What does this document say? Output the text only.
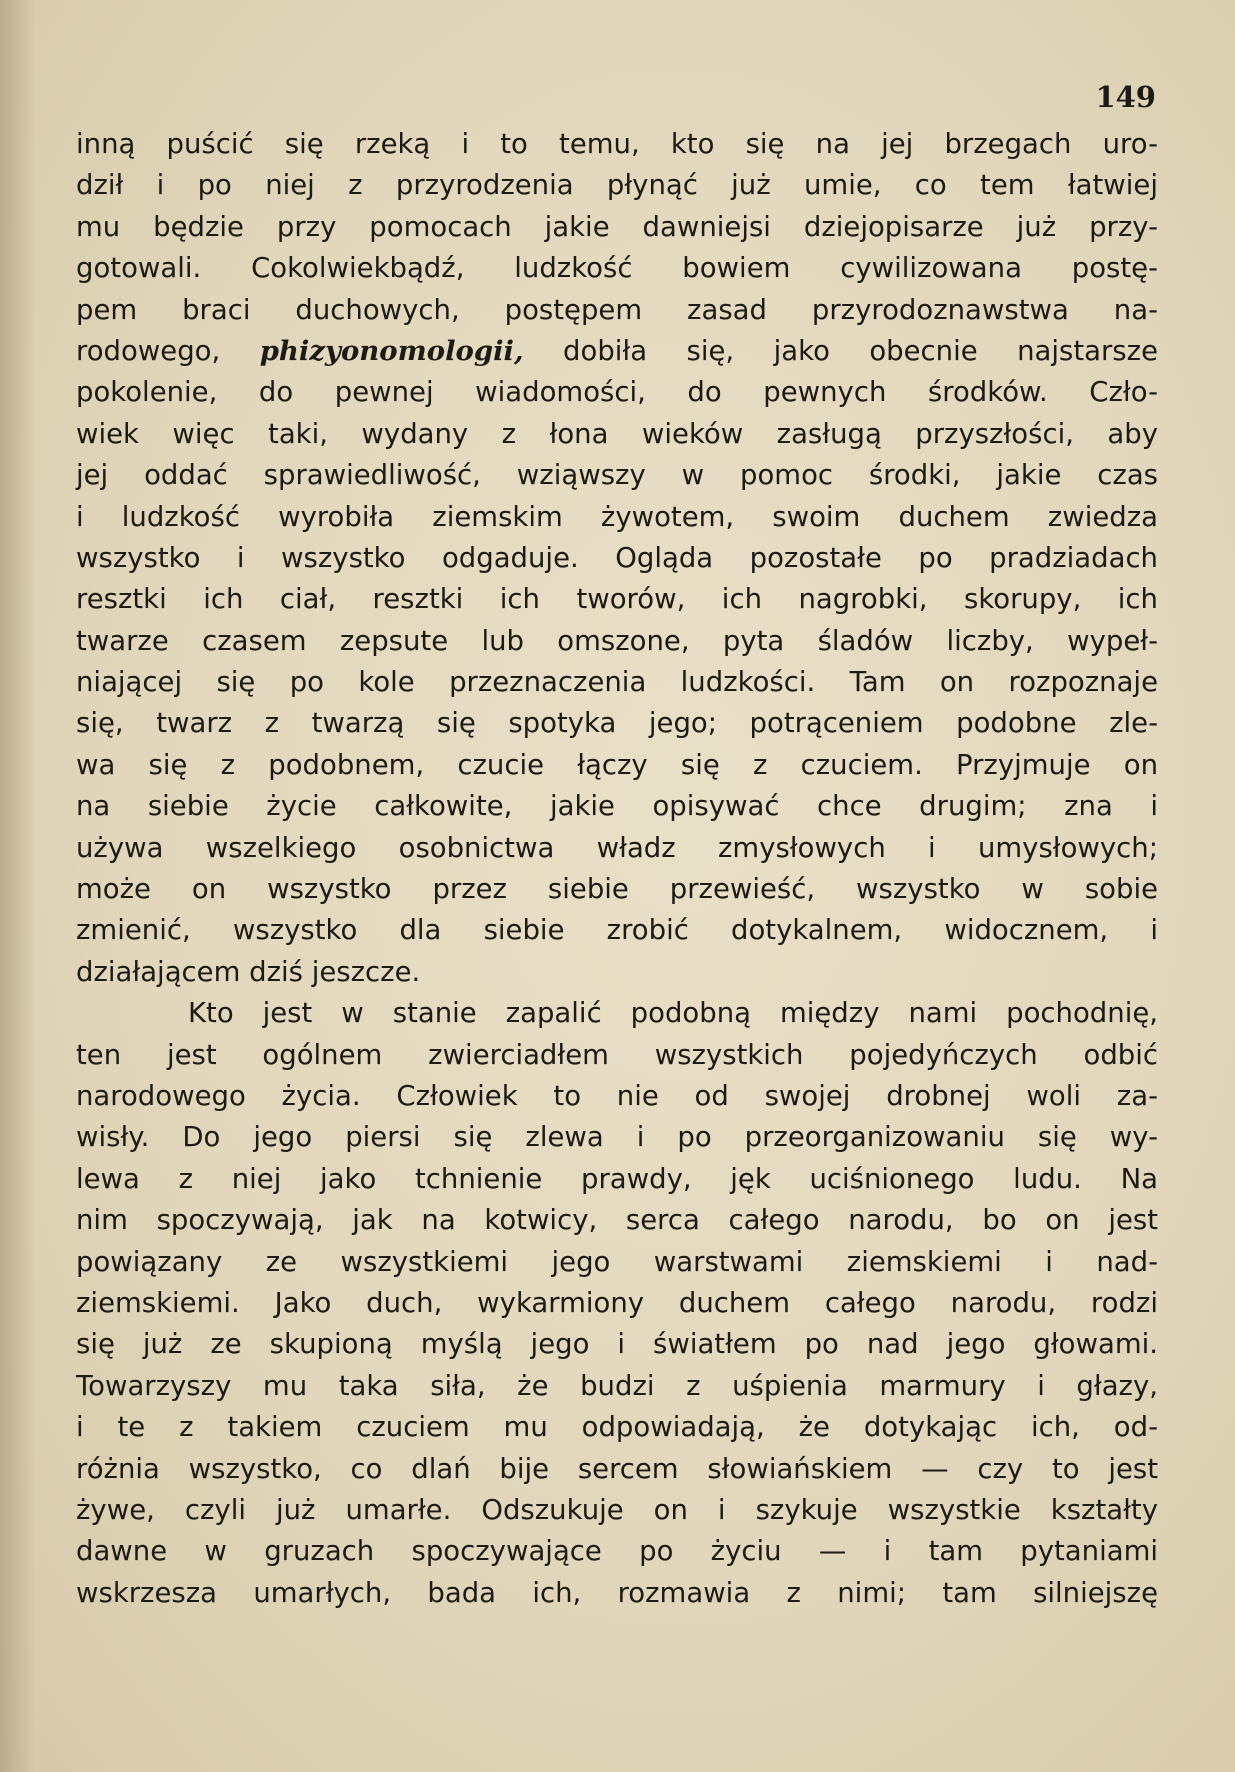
149
inną puścić się rzeką i to temu, kto się na jej brzegach uro-
dził i po niej z przyrodzenia płynąć już umie, co tem łatwiej
mu będzie przy pomocach jakie dawniejsi dziejopisarze już przy-
gotowali. Cokolwiekbądź, ludzkość bowiem cywilizowana postę-
pem braci duchowych, postępem zasad przyrodoznawstwa na-
rodowego, phizyonomologii, dobiła się, jako obecnie najstarsze
pokolenie, do pewnej wiadomości, do pewnych środków. Czło-
wiek więc taki, wydany z łona wieków zasługą przyszłości, aby
jej oddać sprawiedliwość, wziąwszy w pomoc środki, jakie czas
i ludzkość wyrobiła ziemskim żywotem, swoim duchem zwiedza
wszystko i wszystko odgaduje. Ogląda pozostałe po pradziadach
resztki ich ciał, resztki ich tworów, ich nagrobki, skorupy, ich
twarze czasem zepsute lub omszone, pyta śladów liczby, wypeł-
niającej się po kole przeznaczenia ludzkości. Tam on rozpoznaje
się, twarz z twarzą się spotyka jego; potrąceniem podobne zle-
wa się z podobnem, czucie łączy się z czuciem. Przyjmuje on
na siebie życie całkowite, jakie opisywać chce drugim; zna i
używa wszelkiego osobnictwa władz zmysłowych i umysłowych;
może on wszystko przez siebie przewieść, wszystko w sobie
zmienić, wszystko dla siebie zrobić dotykalnem, widocznem, i
działającem dziś jeszcze.
Kto jest w stanie zapalić podobną między nami pochodnię,
ten jest ogólnem zwierciadłem wszystkich pojedyńczych odbić
narodowego życia. Człowiek to nie od swojej drobnej woli za-
wisły. Do jego piersi się zlewa i po przeorganizowaniu się wy-
lewa z niej jako tchnienie prawdy, jęk uciśnionego ludu. Na
nim spoczywają, jak na kotwicy, serca całego narodu, bo on jest
powiązany ze wszystkiemi jego warstwami ziemskiemi i nad-
ziemskiemi. Jako duch, wykarmiony duchem całego narodu, rodzi
się już ze skupioną myślą jego i światłem po nad jego głowami.
Towarzyszy mu taka siła, że budzi z uśpienia marmury i głazy,
i te z takiem czuciem mu odpowiadają, że dotykając ich, od-
różnia wszystko, co dlań bije sercem słowiańskiem — czy to jest
żywe, czyli już umarłe. Odszukuje on i szykuje wszystkie kształty
dawne w gruzach spoczywające po życiu — i tam pytaniami
wskrzesza umarłych, bada ich, rozmawia z nimi; tam silniejszę
